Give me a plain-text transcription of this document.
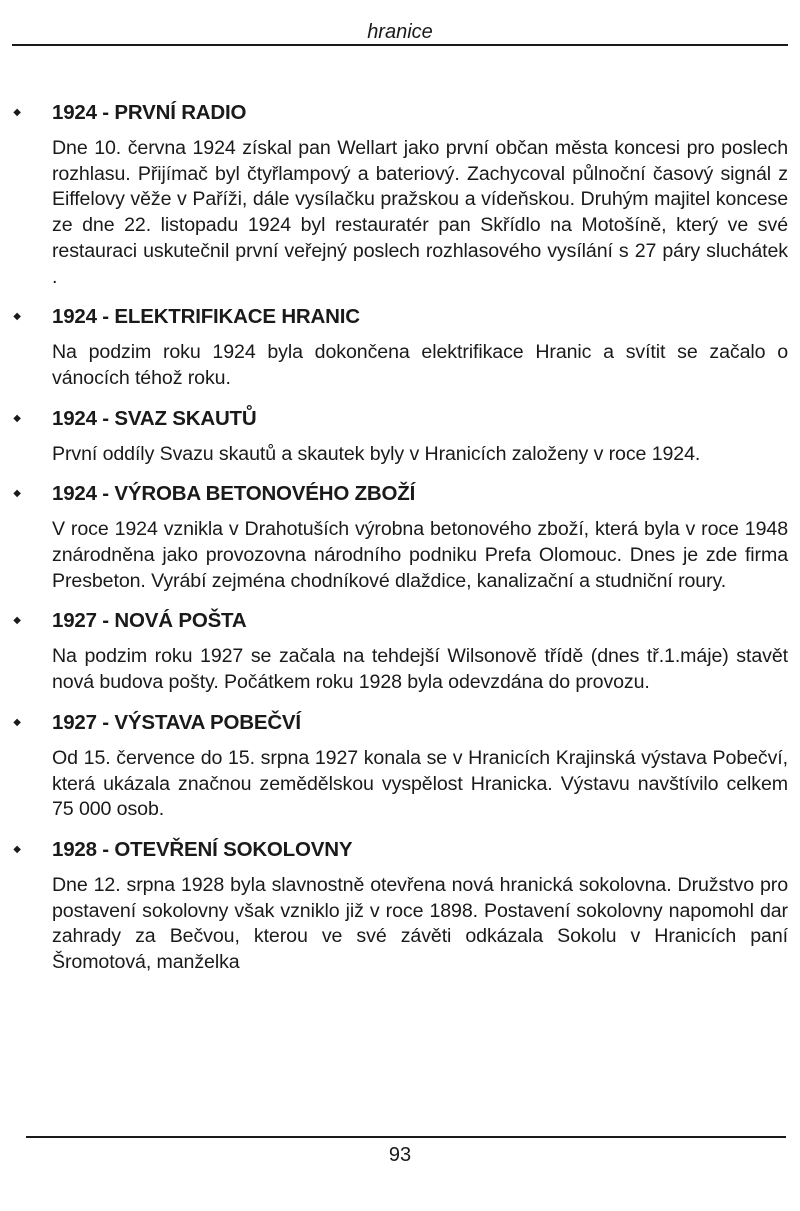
hranice
◆ 1924 - PRVNÍ RADIO
Dne 10. června 1924 získal pan Wellart jako první občan města koncesi pro poslech rozhlasu. Přijímač byl čtyřlampový a bateriový. Zachycoval půlnoční časový signál z Eiffelovy věže v Paříži, dále vysílačku pražskou a vídeňskou. Druhým majitel koncese ze dne 22. listopadu 1924 byl restauratér pan Skřídlo na Motošíně, který ve své restauraci uskutečnil první veřejný poslech rozhlasového vysílání s 27 páry sluchátek .
◆ 1924 - ELEKTRIFIKACE HRANIC
Na podzim roku 1924 byla dokončena elektrifikace Hranic a svítit se začalo o vánocích téhož roku.
◆ 1924 - SVAZ SKAUTŮ
První oddíly Svazu skautů a skautek byly v Hranicích založeny v roce 1924.
◆ 1924 - VÝROBA BETONOVÉHO ZBOŽÍ
V roce 1924 vznikla v Drahotuších výrobna betonového zboží, která byla v roce 1948 znárodněna jako provozovna národního podniku Prefa Olomouc. Dnes je zde firma Presbeton. Vyrábí zejména chodníkové dlaždice, kanalizační a studniční roury.
◆ 1927 - NOVÁ POŠTA
Na podzim roku 1927 se začala na tehdejší Wilsonově třídě (dnes tř.1.máje) stavět nová budova pošty. Počátkem roku 1928 byla odevzdána do provozu.
◆ 1927 - VÝSTAVA POBEČVÍ
Od 15. července do 15. srpna 1927 konala se v Hranicích Krajinská výstava Pobečví, která ukázala značnou zemědělskou vyspělost Hranicka. Výstavu navštívilo celkem 75 000 osob.
◆ 1928 - OTEVŘENÍ SOKOLOVNY
Dne 12. srpna 1928 byla slavnostně otevřena nová hranická sokolovna. Družstvo pro postavení sokolovny však vzniklo již v roce 1898. Postavení sokolovny napomohl dar zahrady za Bečvou, kterou ve své závěti odkázala Sokolu v Hranicích paní Šromotová, manželka
93
